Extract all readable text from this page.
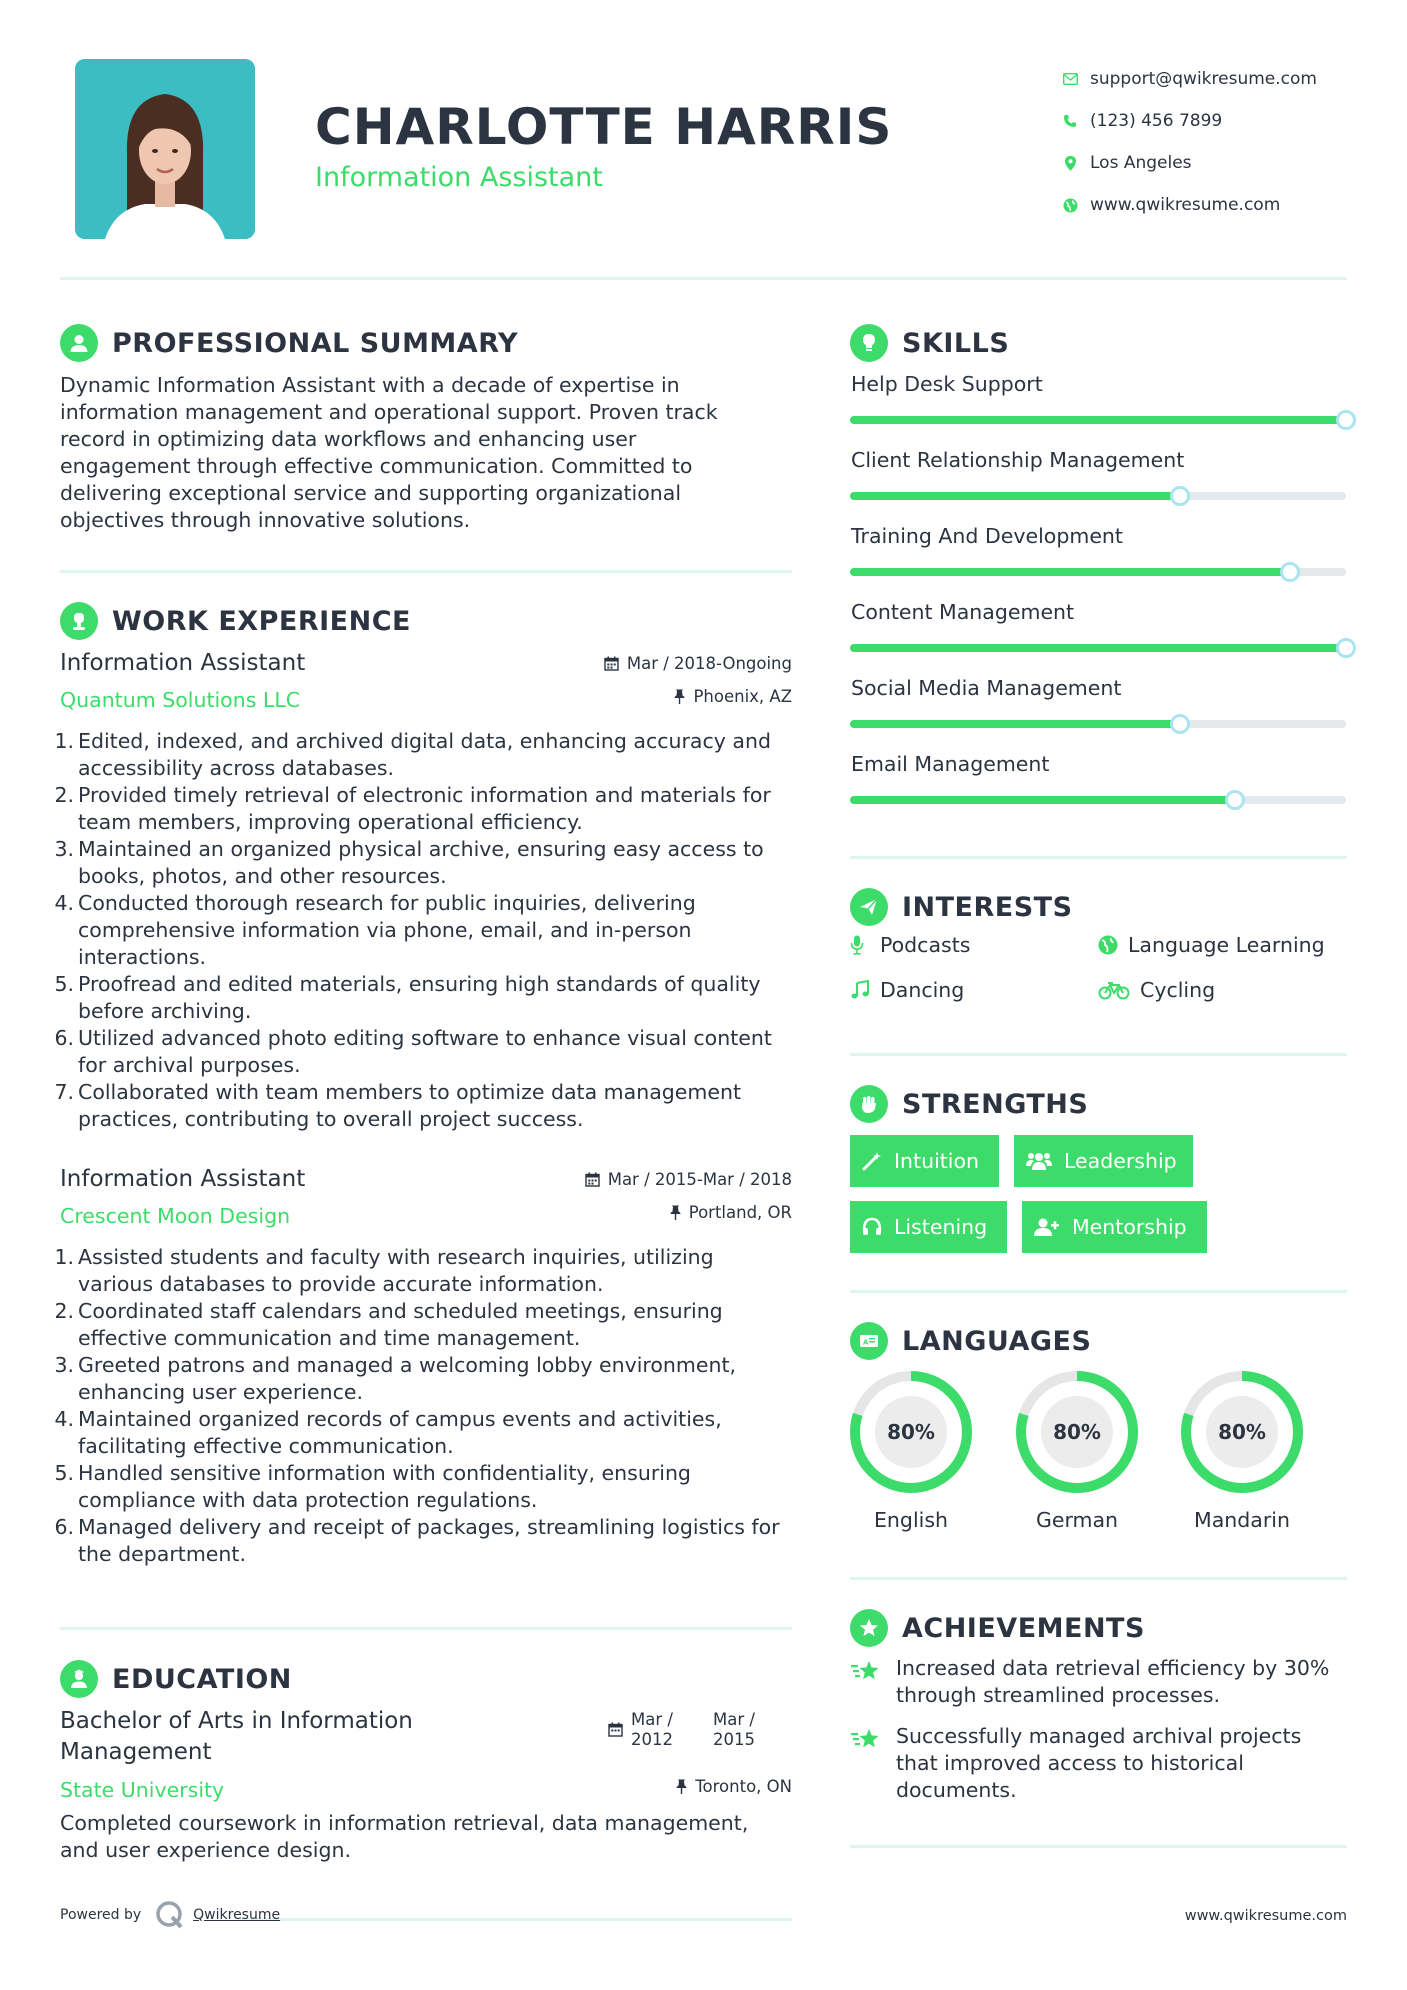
CHARLOTTE HARRIS
Information Assistant
support@qwikresume.com
(123) 456 7899
Los Angeles
www.qwikresume.com
PROFESSIONAL SUMMARY
Dynamic Information Assistant with a decade of expertise in information management and operational support. Proven track record in optimizing data workflows and enhancing user engagement through effective communication. Committed to delivering exceptional service and supporting organizational objectives through innovative solutions.
WORK EXPERIENCE
Information Assistant
Quantum Solutions LLC
Mar / 2018-Ongoing
Phoenix, AZ
1. Edited, indexed, and archived digital data, enhancing accuracy and accessibility across databases.
2. Provided timely retrieval of electronic information and materials for team members, improving operational efficiency.
3. Maintained an organized physical archive, ensuring easy access to books, photos, and other resources.
4. Conducted thorough research for public inquiries, delivering comprehensive information via phone, email, and in-person interactions.
5. Proofread and edited materials, ensuring high standards of quality before archiving.
6. Utilized advanced photo editing software to enhance visual content for archival purposes.
7. Collaborated with team members to optimize data management practices, contributing to overall project success.
Information Assistant
Crescent Moon Design
Mar / 2015-Mar / 2018
Portland, OR
1. Assisted students and faculty with research inquiries, utilizing various databases to provide accurate information.
2. Coordinated staff calendars and scheduled meetings, ensuring effective communication and time management.
3. Greeted patrons and managed a welcoming lobby environment, enhancing user experience.
4. Maintained organized records of campus events and activities, facilitating effective communication.
5. Handled sensitive information with confidentiality, ensuring compliance with data protection regulations.
6. Managed delivery and receipt of packages, streamlining logistics for the department.
EDUCATION
Bachelor of Arts in Information Management
Mar /
2012
Mar /
2015
State University	Toronto, ON
Completed coursework in information retrieval, data management, and user experience design.
Powered by	Qwikresume	www.qwikresume.com
SKILLS
Help Desk Support
Client Relationship Management
Training And Development
Content Management
Social Media Management
Email Management
INTERESTS
Podcasts	Language Learning
Dancing	Cycling
STRENGTHS
Intuition	Leadership
Listening	Mentorship
A LANGUAGES
80%
English
80%
German
80%
Mandarin
ACHIEVEMENTS
Increased data retrieval efficiency by 30% through streamlined processes.
Successfully managed archival projects that improved access to historical documents.
